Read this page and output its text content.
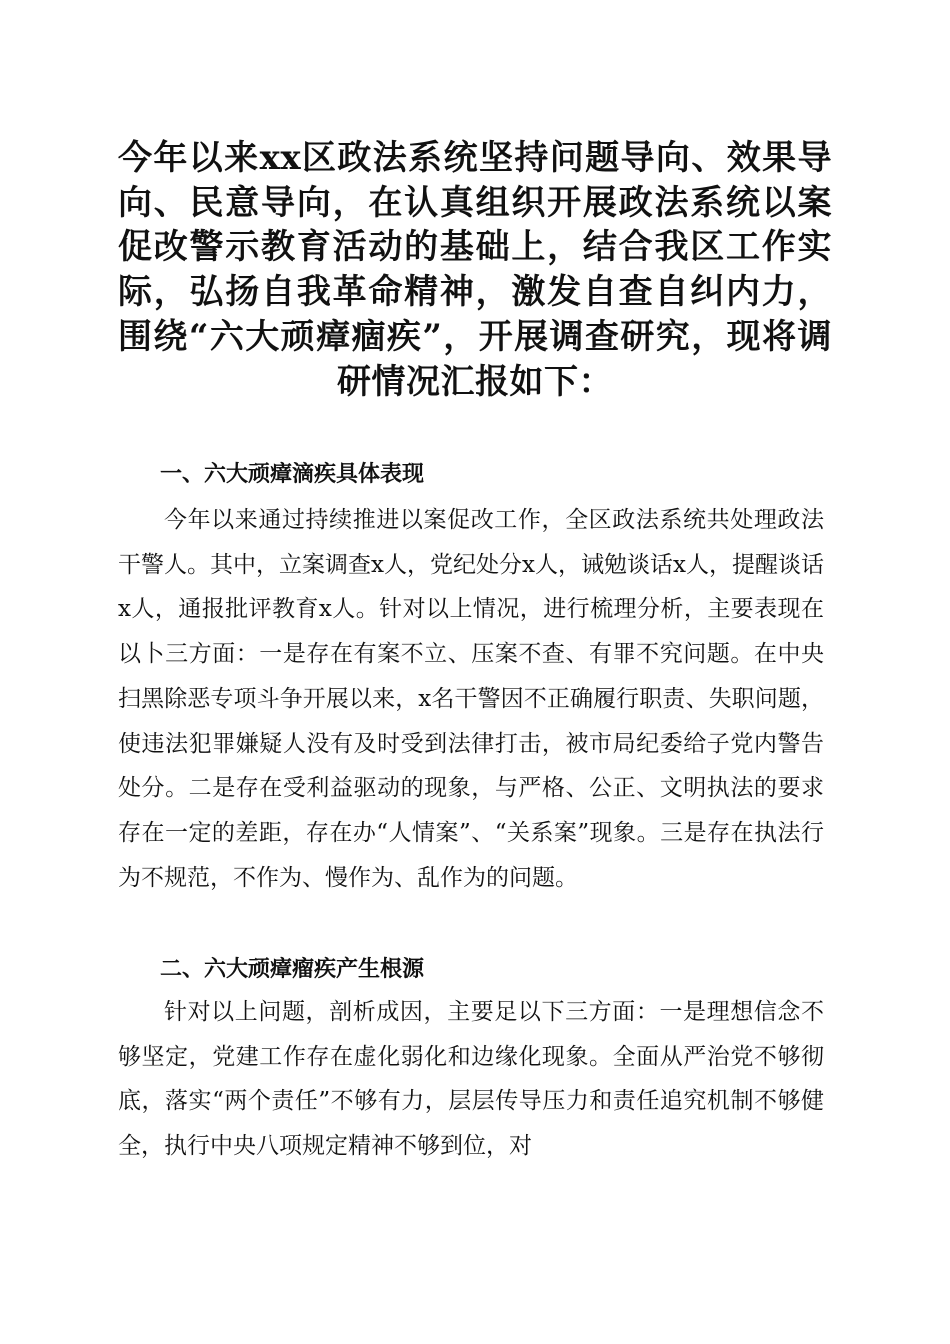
今年以来xx区政法系统坚持问题导向、效果导向、民意导向，在认真组织开展政法系统以案促改警示教育活动的基础上，结合我区工作实际，弘扬自我革命精神，激发自查自纠内力，围绕“六大顽瘴痼疾”，开展调查研究，现将调研情况汇报如下：

一、六大顽瘴滴疾具体表现

今年以来通过持续推进以案促改工作，全区政法系统共处理政法干警人。其中，立案调查x人，党纪处分x人，诫勉谈话x人，提醒谈话x人，通报批评教育x人。针对以上情况，进行梳理分析，主要表现在以卜三方面：一是存在有案不立、压案不查、有罪不究问题。在中央扫黑除恶专项斗争开展以来，x名干警因不正确履行职责、失职问题，使违法犯罪嫌疑人没有及时受到法律打击，被市局纪委给子党内警告处分。二是存在受利益驱动的现象，与严格、公正、文明执法的要求存在一定的差距，存在办“人情案”、“关系案”现象。三是存在执法行为不规范，不作为、慢作为、乱作为的问题。

二、六大顽瘴瘤疾产生根源

针对以上问题，剖析成因，主要足以下三方面：一是理想信念不够坚定，党建工作存在虚化弱化和边缘化现象。全面从严治党不够彻底，落实“两个责任”不够有力，层层传导压力和责任追究机制不够健全，执行中央八项规定精神不够到位，对
